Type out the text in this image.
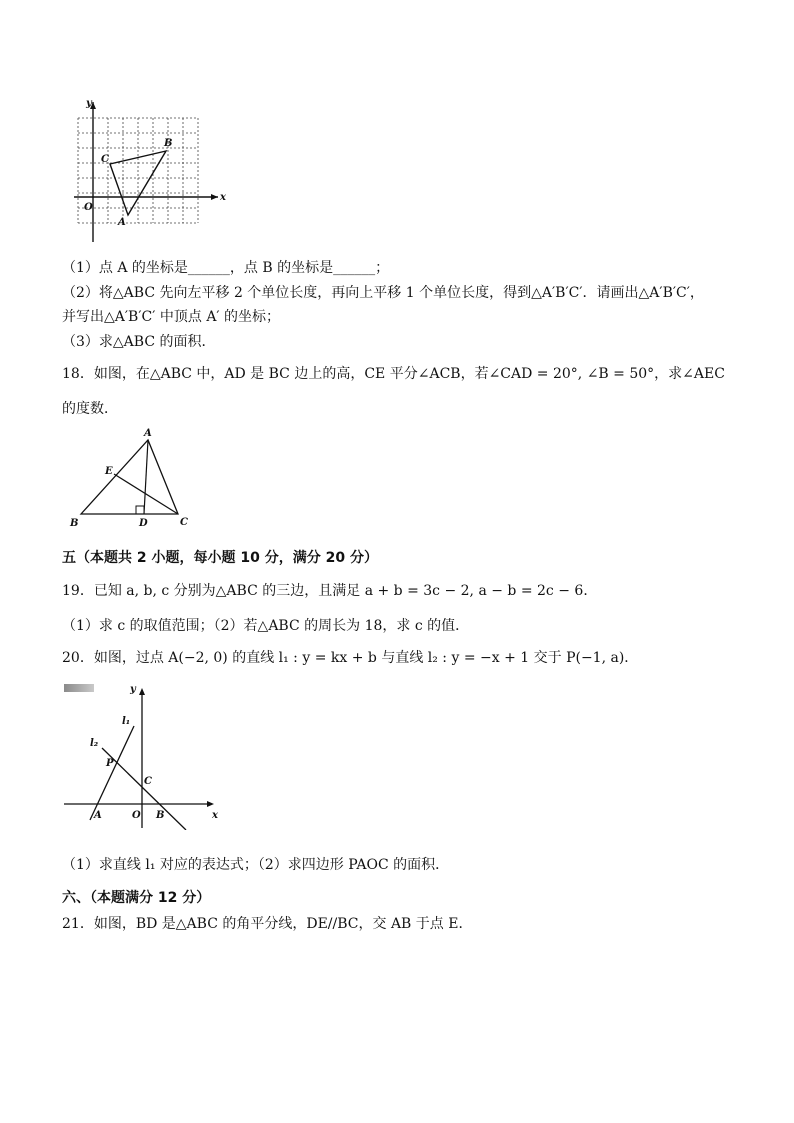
x
y
O
A
B
C
（1）点 A 的坐标是______，点 B 的坐标是______；
（2）将△ABC 先向左平移 2 个单位长度，再向上平移 1 个单位长度，得到△A′B′C′．请画出△A′B′C′，
并写出△A′B′C′ 中顶点 A′ 的坐标；
（3）求△ABC 的面积．
18．如图，在△ABC 中，AD 是 BC 边上的高，CE 平分∠ACB，若∠CAD = 20°, ∠B = 50°，求∠AEC
的度数．
A
B	C
D
E
五（本题共 2 小题，每小题 10 分，满分 20 分）
19．已知 a, b, c 分别为△ABC 的三边，且满足 a + b = 3c − 2, a − b = 2c − 6．
（1）求 c 的取值范围；（2）若△ABC 的周长为 18，求 c 的值．
20．如图，过点 A(−2, 0) 的直线 l₁ : y = kx + b 与直线 l₂ : y = −x + 1 交于 P(−1, a)．
x
y
l₁
l₂
P
C
A	O B
（1）求直线 l₁ 对应的表达式；（2）求四边形 PAOC 的面积．
六、（本题满分 12 分）
21．如图，BD 是△ABC 的角平分线，DE//BC，交 AB 于点 E．
